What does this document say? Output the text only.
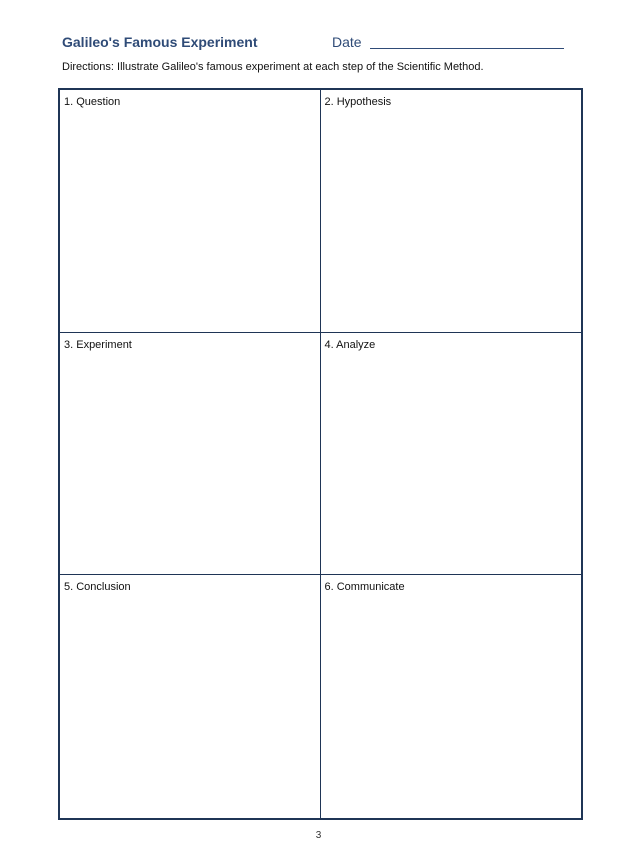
Galileo's Famous Experiment	Date
Directions: Illustrate Galileo's famous experiment at each step of the Scientific Method.
1. Question	2. Hypothesis
3. Experiment	4. Analyze
5. Conclusion	6. Communicate
3
